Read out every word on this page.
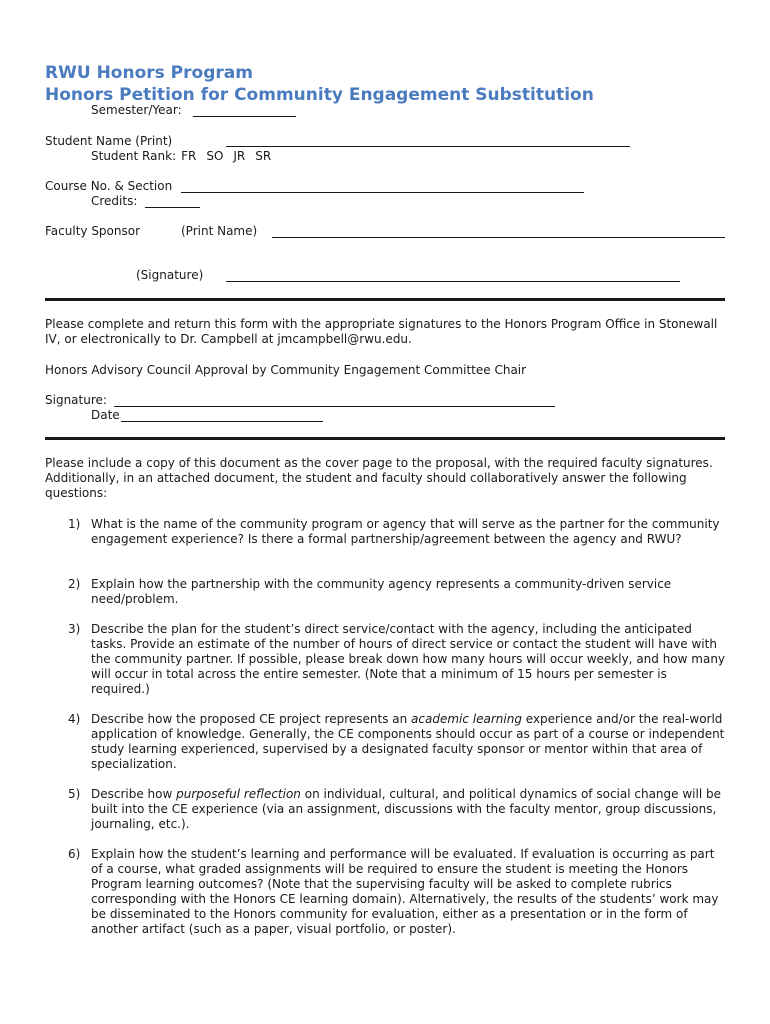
RWU Honors Program
Honors Petition for Community Engagement Substitution
Semester/Year:
Student Name (Print)
Student Rank: FR SO JR SR
Course No. & Section
Credits:
Faculty Sponsor	(Print Name)
(Signature)
Please complete and return this form with the appropriate signatures to the Honors Program Office in Stonewall IV, or electronically to Dr. Campbell at jmcampbell@rwu.edu.
Honors Advisory Council Approval by Community Engagement Committee Chair
Signature:
Date
Please include a copy of this document as the cover page to the proposal, with the required faculty signatures. Additionally, in an attached document, the student and faculty should collaboratively answer the following questions:
1) What is the name of the community program or agency that will serve as the partner for the community engagement experience? Is there a formal partnership/agreement between the agency and RWU?
2) Explain how the partnership with the community agency represents a community-driven service need/problem.
3) Describe the plan for the student’s direct service/contact with the agency, including the anticipated tasks. Provide an estimate of the number of hours of direct service or contact the student will have with the community partner. If possible, please break down how many hours will occur weekly, and how many will occur in total across the entire semester. (Note that a minimum of 15 hours per semester is required.)
4) Describe how the proposed CE project represents an academic learning experience and/or the real-world application of knowledge. Generally, the CE components should occur as part of a course or independent study learning experienced, supervised by a designated faculty sponsor or mentor within that area of specialization.
5) Describe how purposeful reflection on individual, cultural, and political dynamics of social change will be built into the CE experience (via an assignment, discussions with the faculty mentor, group discussions, journaling, etc.).
6) Explain how the student’s learning and performance will be evaluated. If evaluation is occurring as part of a course, what graded assignments will be required to ensure the student is meeting the Honors Program learning outcomes? (Note that the supervising faculty will be asked to complete rubrics corresponding with the Honors CE learning domain). Alternatively, the results of the students’ work may be disseminated to the Honors community for evaluation, either as a presentation or in the form of another artifact (such as a paper, visual portfolio, or poster).
